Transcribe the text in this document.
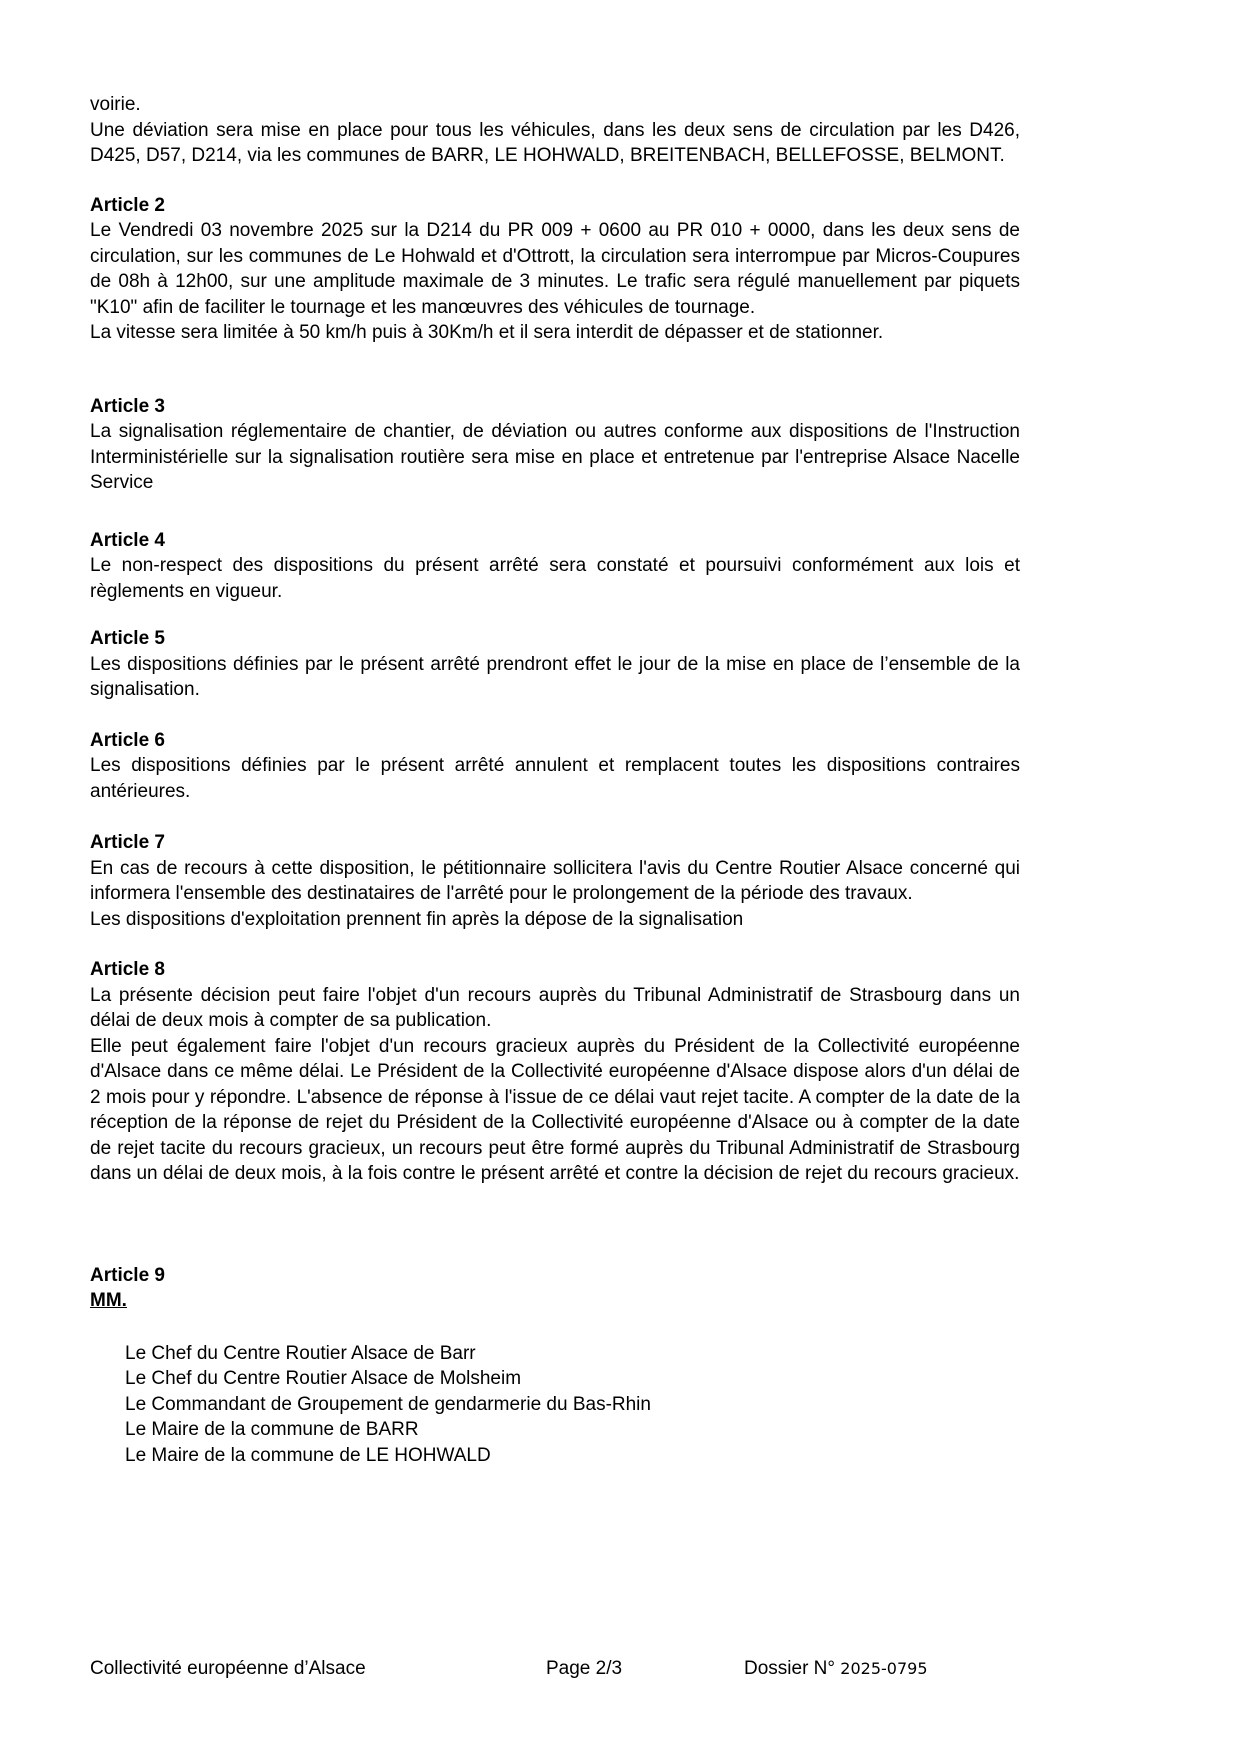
voirie.

Une déviation sera mise en place pour tous les véhicules, dans les deux sens de circulation par les D426, D425, D57, D214, via les communes de BARR, LE HOHWALD, BREITENBACH, BELLEFOSSE, BELMONT.

Article 2

Le Vendredi 03 novembre 2025 sur la D214 du PR 009 + 0600 au PR 010 + 0000, dans les deux sens de circulation, sur les communes de Le Hohwald et d'Ottrott, la circulation sera interrompue par Micros-Coupures de 08h à 12h00, sur une amplitude maximale de 3 minutes. Le trafic sera régulé manuellement par piquets "K10" afin de faciliter le tournage et les manœuvres des véhicules de tournage.

La vitesse sera limitée à 50 km/h puis à 30Km/h et il sera interdit de dépasser et de stationner.

Article 3

La signalisation réglementaire de chantier, de déviation ou autres conforme aux dispositions de l'Instruction Interministérielle sur la signalisation routière sera mise en place et entretenue par l'entreprise Alsace Nacelle Service

Article 4

Le non-respect des dispositions du présent arrêté sera constaté et poursuivi conformément aux lois et règlements en vigueur.

Article 5

Les dispositions définies par le présent arrêté prendront effet le jour de la mise en place de l’ensemble de la signalisation.

Article 6

Les dispositions définies par le présent arrêté annulent et remplacent toutes les dispositions contraires antérieures.

Article 7

En cas de recours à cette disposition, le pétitionnaire sollicitera l'avis du Centre Routier Alsace concerné qui informera l'ensemble des destinataires de l'arrêté pour le prolongement de la période des travaux.

Les dispositions d'exploitation prennent fin après la dépose de la signalisation

Article 8

La présente décision peut faire l'objet d'un recours auprès du Tribunal Administratif de Strasbourg dans un délai de deux mois à compter de sa publication.

Elle peut également faire l'objet d'un recours gracieux auprès du Président de la Collectivité européenne d'Alsace dans ce même délai. Le Président de la Collectivité européenne d'Alsace dispose alors d'un délai de 2 mois pour y répondre. L'absence de réponse à l'issue de ce délai vaut rejet tacite. A compter de la date de la réception de la réponse de rejet du Président de la Collectivité européenne d'Alsace ou à compter de la date de rejet tacite du recours gracieux, un recours peut être formé auprès du Tribunal Administratif de Strasbourg dans un délai de deux mois, à la fois contre le présent arrêté et contre la décision de rejet du recours gracieux.

Article 9

MM.

Le Chef du Centre Routier Alsace de Barr

Le Chef du Centre Routier Alsace de Molsheim

Le Commandant de Groupement de gendarmerie du Bas-Rhin

Le Maire de la commune de BARR

Le Maire de la commune de LE HOHWALD

Collectivité européenne d’Alsace	Page 2/3	Dossier N° 2025-0795
